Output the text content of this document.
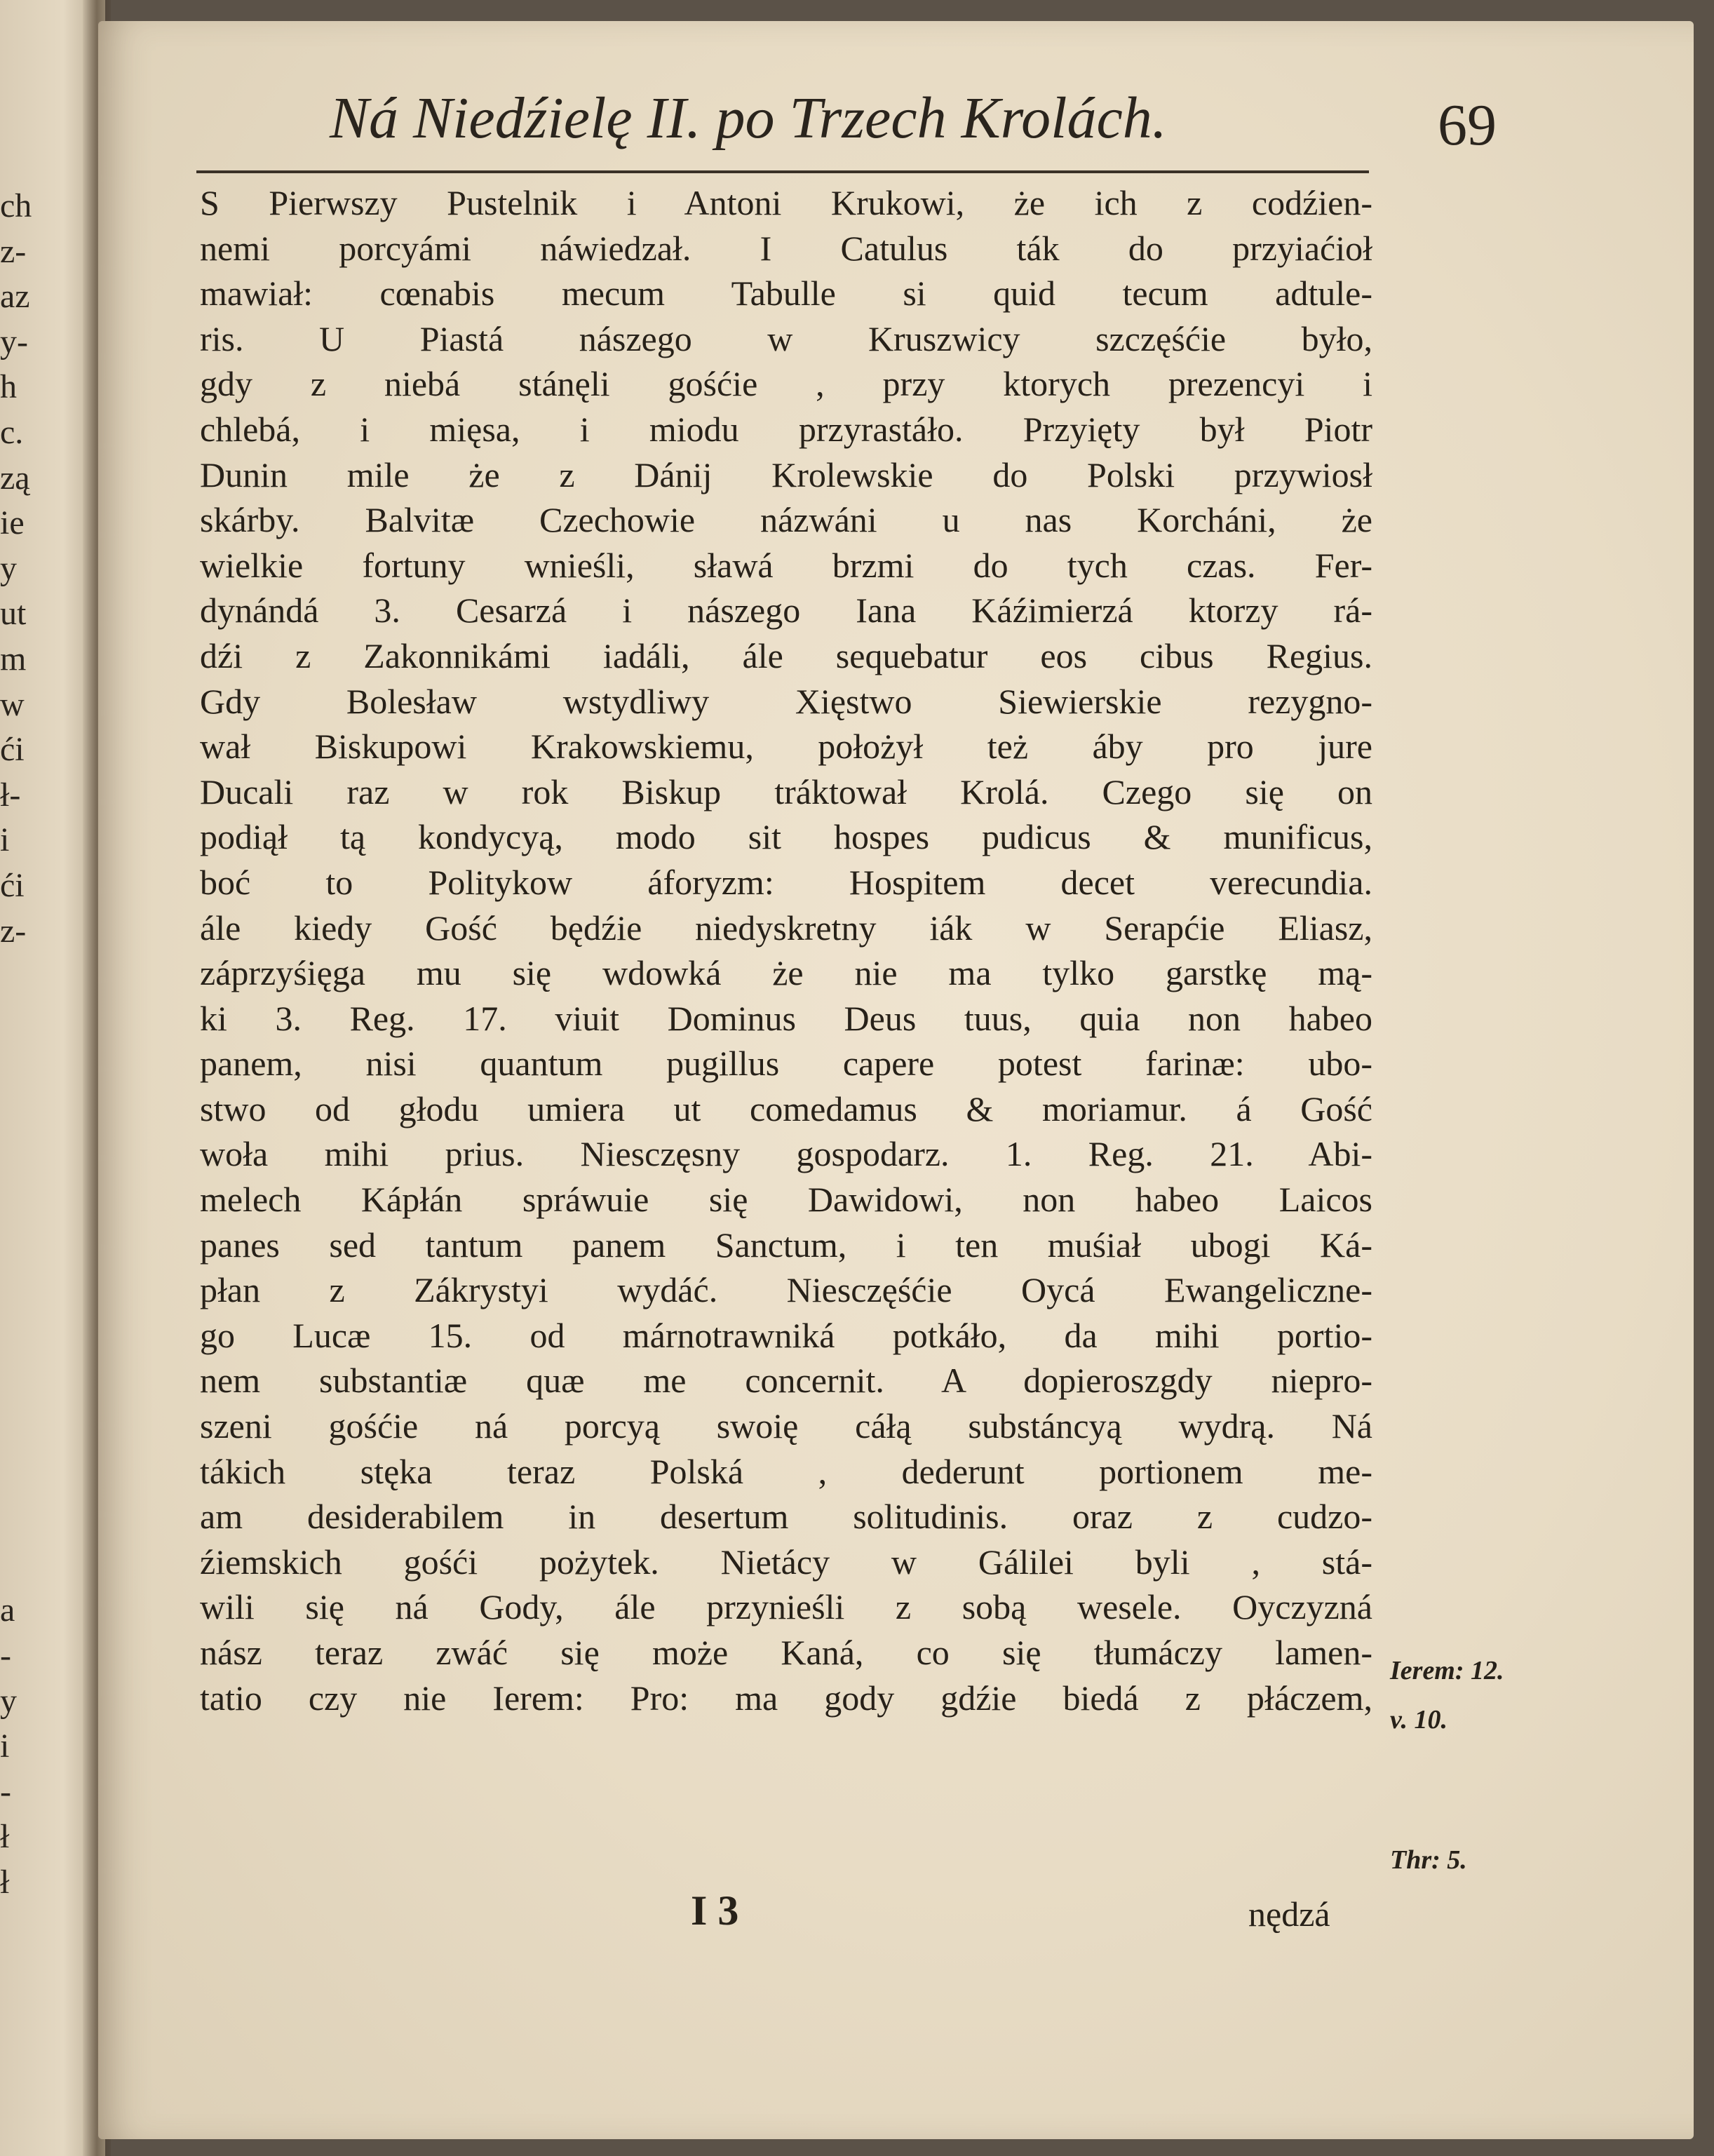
ch
z-
az
y-
h
c.
zą
ie
y
ut
m
w
ći
ł-
i
ći
z-
a
-
y
i
-
ł
ł
Ná Niedźielę II. po Trzech Krolách.	69
S Pierwszy Pustelnik i Antoni Krukowi, że ich z codźien-
nemi porcyámi náwiedzał. I Catulus ták do przyiaćioł
mawiał: cœnabis mecum Tabulle si quid tecum adtule-
ris. U Piastá nászego w Kruszwicy szczęśćie było,
gdy z niebá stánęli gośćie , przy ktorych prezencyi i
chlebá, i mięsa, i miodu przyrastáło. Przyięty był Piotr
Dunin mile że z Dánij Krolewskie do Polski przywiosł
skárby. Balvitæ Czechowie názwáni u nas Korcháni, że
wielkie fortuny wnieśli, sławá brzmi do tych czas. Fer-
dynándá 3. Cesarzá i nászego Iana Káźimierzá ktorzy rá-
dźi z Zakonnikámi iadáli, ále sequebatur eos cibus Regius.
Gdy Bolesław wstydliwy Xięstwo Siewierskie rezygno-
wał Biskupowi Krakowskiemu, położył też áby pro jure
Ducali raz w rok Biskup tráktował Krolá. Czego się on
podiął tą kondycyą, modo sit hospes pudicus & munificus,
boć to Politykow áforyzm: Hospitem decet verecundia.
ále kiedy Gość będźie niedyskretny iák w Serapćie Eliasz,
záprzyśięga mu się wdowká że nie ma tylko garstkę mą-
ki 3. Reg. 17. viuit Dominus Deus tuus, quia non habeo
panem, nisi quantum pugillus capere potest farinæ: ubo-
stwo od głodu umiera ut comedamus & moriamur. á Gość
woła mihi prius. Niesczęsny gospodarz. 1. Reg. 21. Abi-
melech Kápłán spráwuie się Dawidowi, non habeo Laicos
panes sed tantum panem Sanctum, i ten muśiał ubogi Ká-
płan z Zákrystyi wydáć. Niesczęśćie Oycá Ewangeliczne-
go Lucæ 15. od márnotrawniká potkáło, da mihi portio-
nem substantiæ quæ me concernit. A dopieroszgdy niepro-
szeni gośćie ná porcyą swoię cáłą substáncyą wydrą. Ná
tákich stęka teraz Polská , dederunt portionem me-
am desiderabilem in desertum solitudinis. oraz z cudzo-
źiemskich gośći pożytek. Nietácy w Gálilei byli , stá-
wili się ná Gody, ále przynieśli z sobą wesele. Oyczyzná
nász teraz zwáć się może Kaná, co się tłumáczy lamen-
tatio czy nie Ierem: Pro: ma gody gdźie biedá z płáczem,
Ierem: 12.
v. 10.
Thr: 5.
I 3	nędzá
